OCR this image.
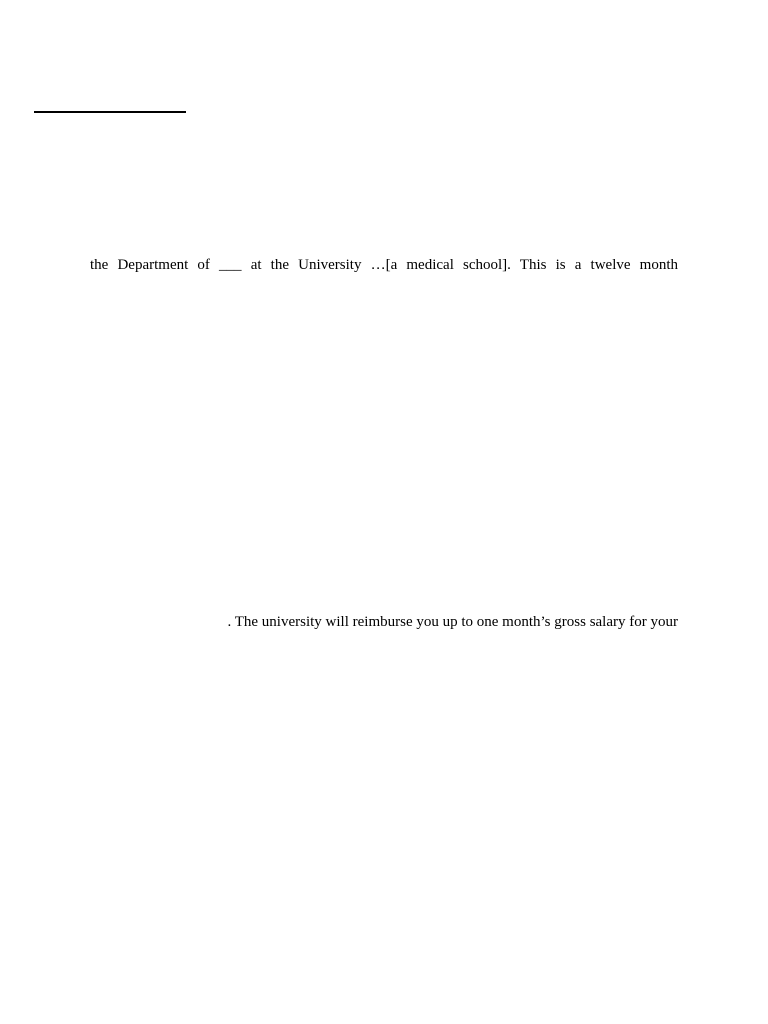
the Department of ___ at the University …[a medical school]. This is a twelve month
. The university will reimburse you up to one month’s gross salary for your
